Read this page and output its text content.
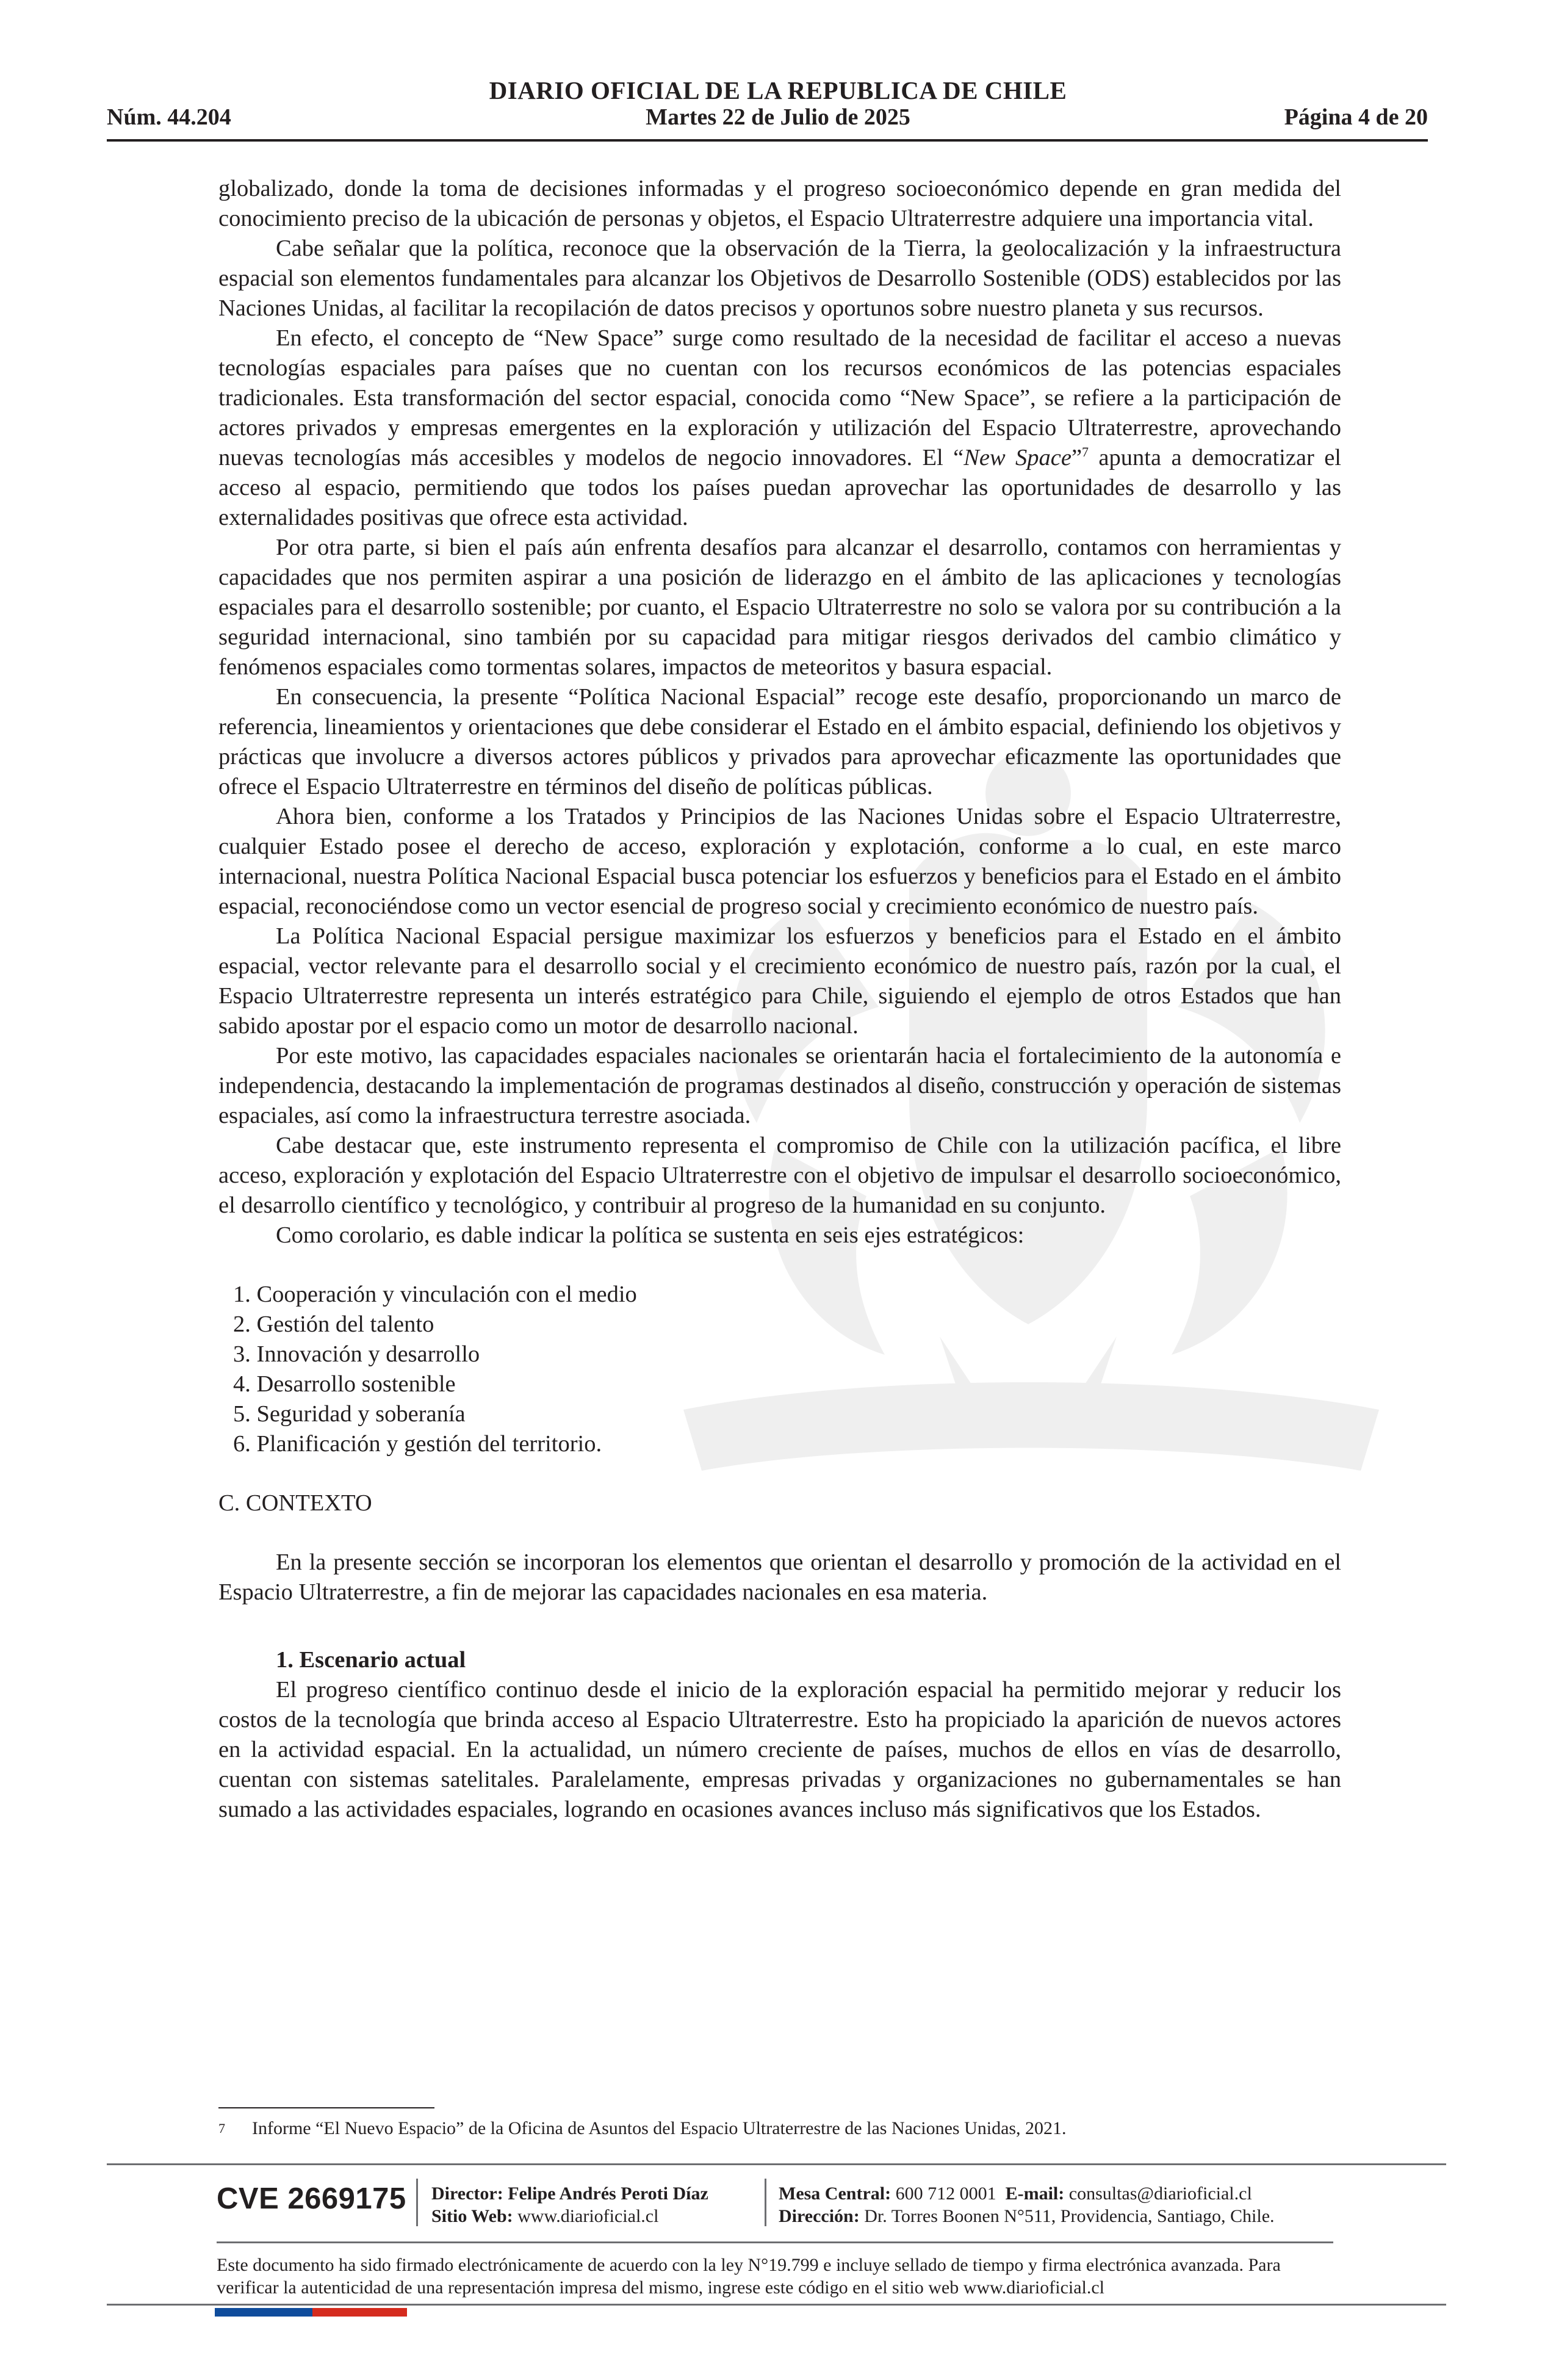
DIARIO OFICIAL DE LA REPUBLICA DE CHILE
Núm. 44.204	Martes 22 de Julio de 2025	Página 4 de 20

globalizado, donde la toma de decisiones informadas y el progreso socioeconómico depende en gran medida del conocimiento preciso de la ubicación de personas y objetos, el Espacio Ultraterrestre adquiere una importancia vital.

Cabe señalar que la política, reconoce que la observación de la Tierra, la geolocalización y la infraestructura espacial son elementos fundamentales para alcanzar los Objetivos de Desarrollo Sostenible (ODS) establecidos por las Naciones Unidas, al facilitar la recopilación de datos precisos y oportunos sobre nuestro planeta y sus recursos.

En efecto, el concepto de “New Space” surge como resultado de la necesidad de facilitar el acceso a nuevas tecnologías espaciales para países que no cuentan con los recursos económicos de las potencias espaciales tradicionales. Esta transformación del sector espacial, conocida como “New Space”, se refiere a la participación de actores privados y empresas emergentes en la exploración y utilización del Espacio Ultraterrestre, aprovechando nuevas tecnologías más accesibles y modelos de negocio innovadores. El “New Space”$^7$ apunta a democratizar el acceso al espacio, permitiendo que todos los países puedan aprovechar las oportunidades de desarrollo y las externalidades positivas que ofrece esta actividad.

Por otra parte, si bien el país aún enfrenta desafíos para alcanzar el desarrollo, contamos con herramientas y capacidades que nos permiten aspirar a una posición de liderazgo en el ámbito de las aplicaciones y tecnologías espaciales para el desarrollo sostenible; por cuanto, el Espacio Ultraterrestre no solo se valora por su contribución a la seguridad internacional, sino también por su capacidad para mitigar riesgos derivados del cambio climático y fenómenos espaciales como tormentas solares, impactos de meteoritos y basura espacial.

En consecuencia, la presente “Política Nacional Espacial” recoge este desafío, proporcionando un marco de referencia, lineamientos y orientaciones que debe considerar el Estado en el ámbito espacial, definiendo los objetivos y prácticas que involucre a diversos actores públicos y privados para aprovechar eficazmente las oportunidades que ofrece el Espacio Ultraterrestre en términos del diseño de políticas públicas.

Ahora bien, conforme a los Tratados y Principios de las Naciones Unidas sobre el Espacio Ultraterrestre, cualquier Estado posee el derecho de acceso, exploración y explotación, conforme a lo cual, en este marco internacional, nuestra Política Nacional Espacial busca potenciar los esfuerzos y beneficios para el Estado en el ámbito espacial, reconociéndose como un vector esencial de progreso social y crecimiento económico de nuestro país.

La Política Nacional Espacial persigue maximizar los esfuerzos y beneficios para el Estado en el ámbito espacial, vector relevante para el desarrollo social y el crecimiento económico de nuestro país, razón por la cual, el Espacio Ultraterrestre representa un interés estratégico para Chile, siguiendo el ejemplo de otros Estados que han sabido apostar por el espacio como un motor de desarrollo nacional.

Por este motivo, las capacidades espaciales nacionales se orientarán hacia el fortalecimiento de la autonomía e independencia, destacando la implementación de programas destinados al diseño, construcción y operación de sistemas espaciales, así como la infraestructura terrestre asociada.

Cabe destacar que, este instrumento representa el compromiso de Chile con la utilización pacífica, el libre acceso, exploración y explotación del Espacio Ultraterrestre con el objetivo de impulsar el desarrollo socioeconómico, el desarrollo científico y tecnológico, y contribuir al progreso de la humanidad en su conjunto.

Como corolario, es dable indicar la política se sustenta en seis ejes estratégicos:

1. Cooperación y vinculación con el medio
2. Gestión del talento
3. Innovación y desarrollo
4. Desarrollo sostenible
5. Seguridad y soberanía
6. Planificación y gestión del territorio.

C. CONTEXTO

En la presente sección se incorporan los elementos que orientan el desarrollo y promoción de la actividad en el Espacio Ultraterrestre, a fin de mejorar las capacidades nacionales en esa materia.

1. Escenario actual

El progreso científico continuo desde el inicio de la exploración espacial ha permitido mejorar y reducir los costos de la tecnología que brinda acceso al Espacio Ultraterrestre. Esto ha propiciado la aparición de nuevos actores en la actividad espacial. En la actualidad, un número creciente de países, muchos de ellos en vías de desarrollo, cuentan con sistemas satelitales. Paralelamente, empresas privadas y organizaciones no gubernamentales se han sumado a las actividades espaciales, logrando en ocasiones avances incluso más significativos que los Estados.

$^7$ Informe “El Nuevo Espacio” de la Oficina de Asuntos del Espacio Ultraterrestre de las Naciones Unidas, 2021.
CVE 2669175 Director: Felipe Andrés Peroti Díaz
Sitio Web: www.diarioficial.cl
Mesa Central: 600 712 0001 E-mail: consultas@diarioficial.cl
Dirección: Dr. Torres Boonen N°511, Providencia, Santiago, Chile.
Este documento ha sido firmado electrónicamente de acuerdo con la ley N°19.799 e incluye sellado de tiempo y firma electrónica avanzada. Para verificar la autenticidad de una representación impresa del mismo, ingrese este código en el sitio web www.diarioficial.cl
